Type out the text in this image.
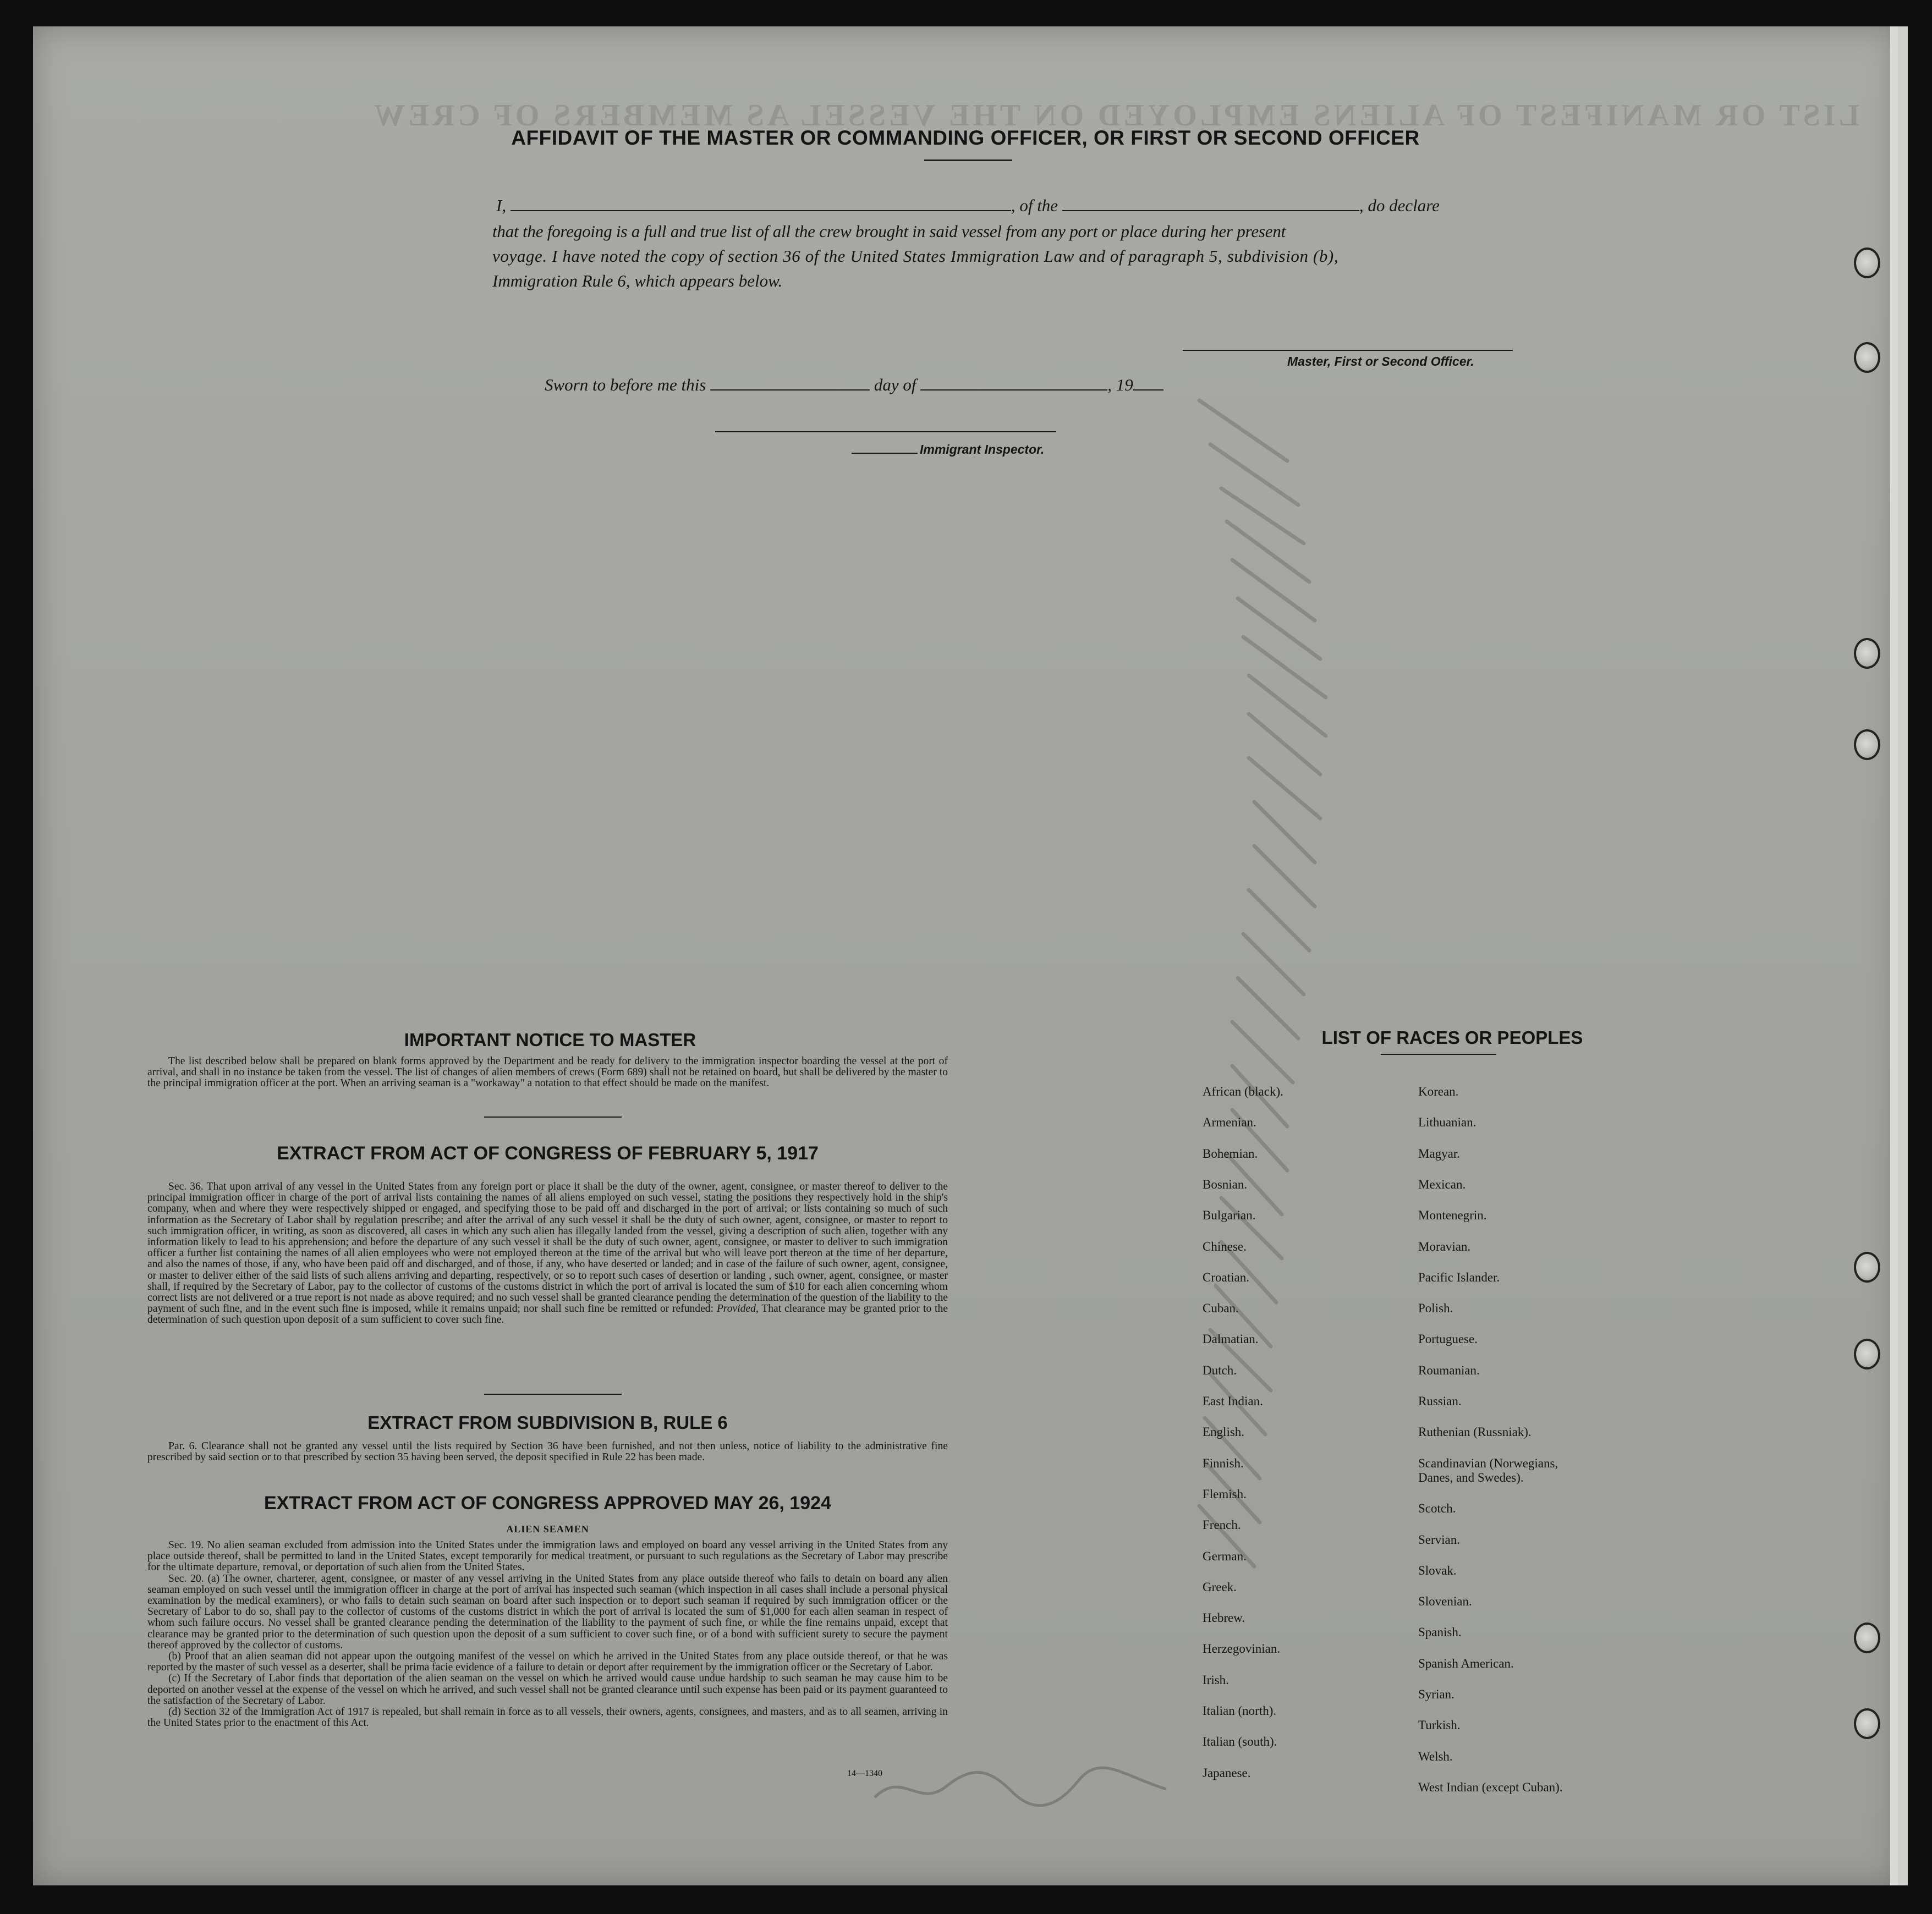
LIST OR MANIFEST OF ALIENS EMPLOYED ON THE VESSEL AS MEMBERS OF CREW
AFFIDAVIT OF THE MASTER OR COMMANDING OFFICER, OR FIRST OR SECOND OFFICER
I,	, of the	, do declare
that the foregoing is a full and true list of all the crew brought in said vessel from any port or place during her present
voyage. I have noted the copy of section 36 of the United States Immigration Law and of paragraph 5, subdivision (b),
Immigration Rule 6, which appears below.
Master, First or Second Officer.
Sworn to before me this	day of	, 19
Immigrant Inspector.
IMPORTANT NOTICE TO MASTER
The list described below shall be prepared on blank forms approved by the Department and be ready for delivery to the immigration inspector boarding the vessel at the port of arrival, and shall in no instance be taken from the vessel. The list of changes of alien members of crews (Form 689) shall not be retained on board, but shall be delivered by the master to the principal immigration officer at the port. When an arriving seaman is a "workaway" a notation to that effect should be made on the manifest.
EXTRACT FROM ACT OF CONGRESS OF FEBRUARY 5, 1917
Sec. 36. That upon arrival of any vessel in the United States from any foreign port or place it shall be the duty of the owner, agent, consignee, or master thereof to deliver to the principal immigration officer in charge of the port of arrival lists containing the names of all aliens employed on such vessel, stating the positions they respectively hold in the ship's company, when and where they were respectively shipped or engaged, and specifying those to be paid off and discharged in the port of arrival; or lists containing so much of such information as the Secretary of Labor shall by regulation prescribe; and after the arrival of any such vessel it shall be the duty of such owner, agent, consignee, or master to report to such immigration officer, in writing, as soon as discovered, all cases in which any such alien has illegally landed from the vessel, giving a description of such alien, together with any information likely to lead to his apprehension; and before the departure of any such vessel it shall be the duty of such owner, agent, consignee, or master to deliver to such immigration officer a further list containing the names of all alien employees who were not employed thereon at the time of the arrival but who will leave port thereon at the time of her departure, and also the names of those, if any, who have been paid off and discharged, and of those, if any, who have deserted or landed; and in case of the failure of such owner, agent, consignee, or master to deliver either of the said lists of such aliens arriving and departing, respectively, or so to report such cases of desertion or landing , such owner, agent, consignee, or master shall, if required by the Secretary of Labor, pay to the collector of customs of the customs district in which the port of arrival is located the sum of $10 for each alien concerning whom correct lists are not delivered or a true report is not made as above required; and no such vessel shall be granted clearance pending the determination of the question of the liability to the payment of such fine, and in the event such fine is imposed, while it remains unpaid; nor shall such fine be remitted or refunded: Provided, That clearance may be granted prior to the determination of such question upon deposit of a sum sufficient to cover such fine.
EXTRACT FROM SUBDIVISION B, RULE 6
Par. 6. Clearance shall not be granted any vessel until the lists required by Section 36 have been furnished, and not then unless, notice of liability to the administrative fine prescribed by said section or to that prescribed by section 35 having been served, the deposit specified in Rule 22 has been made.
EXTRACT FROM ACT OF CONGRESS APPROVED MAY 26, 1924
ALIEN SEAMEN

Sec. 19. No alien seaman excluded from admission into the United States under the immigration laws and employed on board any vessel arriving in the United States from any place outside thereof, shall be permitted to land in the United States, except temporarily for medical treatment, or pursuant to such regulations as the Secretary of Labor may prescribe for the ultimate departure, removal, or deportation of such alien from the United States.

Sec. 20. (a) The owner, charterer, agent, consignee, or master of any vessel arriving in the United States from any place outside thereof who fails to detain on board any alien seaman employed on such vessel until the immigration officer in charge at the port of arrival has inspected such seaman (which inspection in all cases shall include a personal physical examination by the medical examiners), or who fails to detain such seaman on board after such inspection or to deport such seaman if required by such immigration officer or the Secretary of Labor to do so, shall pay to the collector of customs of the customs district in which the port of arrival is located the sum of $1,000 for each alien seaman in respect of whom such failure occurs. No vessel shall be granted clearance pending the determination of the liability to the payment of such fine, or while the fine remains unpaid, except that clearance may be granted prior to the determination of such question upon the deposit of a sum sufficient to cover such fine, or of a bond with sufficient surety to secure the payment thereof approved by the collector of customs.

(b) Proof that an alien seaman did not appear upon the outgoing manifest of the vessel on which he arrived in the United States from any place outside thereof, or that he was reported by the master of such vessel as a deserter, shall be prima facie evidence of a failure to detain or deport after requirement by the immigration officer or the Secretary of Labor.

(c) If the Secretary of Labor finds that deportation of the alien seaman on the vessel on which he arrived would cause undue hardship to such seaman he may cause him to be deported on another vessel at the expense of the vessel on which he arrived, and such vessel shall not be granted clearance until such expense has been paid or its payment guaranteed to the satisfaction of the Secretary of Labor.

(d) Section 32 of the Immigration Act of 1917 is repealed, but shall remain in force as to all vessels, their owners, agents, consignees, and masters, and as to all seamen, arriving in the United States prior to the enactment of this Act.

14—1340
LIST OF RACES OR PEOPLES
African (black).
Armenian.
Bohemian.
Bosnian.
Bulgarian.
Chinese.
Croatian.
Cuban.
Dalmatian.
Dutch.
East Indian.
English.
Finnish.
Flemish.
French.
German.
Greek.
Hebrew.
Herzegovinian.
Irish.
Italian (north).
Italian (south).
Japanese.
Korean.
Lithuanian.
Magyar.
Mexican.
Montenegrin.
Moravian.
Pacific Islander.
Polish.
Portuguese.
Roumanian.
Russian.
Ruthenian (Russniak).
Scandinavian (Norwegians,
Danes, and Swedes).
Scotch.
Servian.
Slovak.
Slovenian.
Spanish.
Spanish American.
Syrian.
Turkish.
Welsh.
West Indian (except Cuban).
